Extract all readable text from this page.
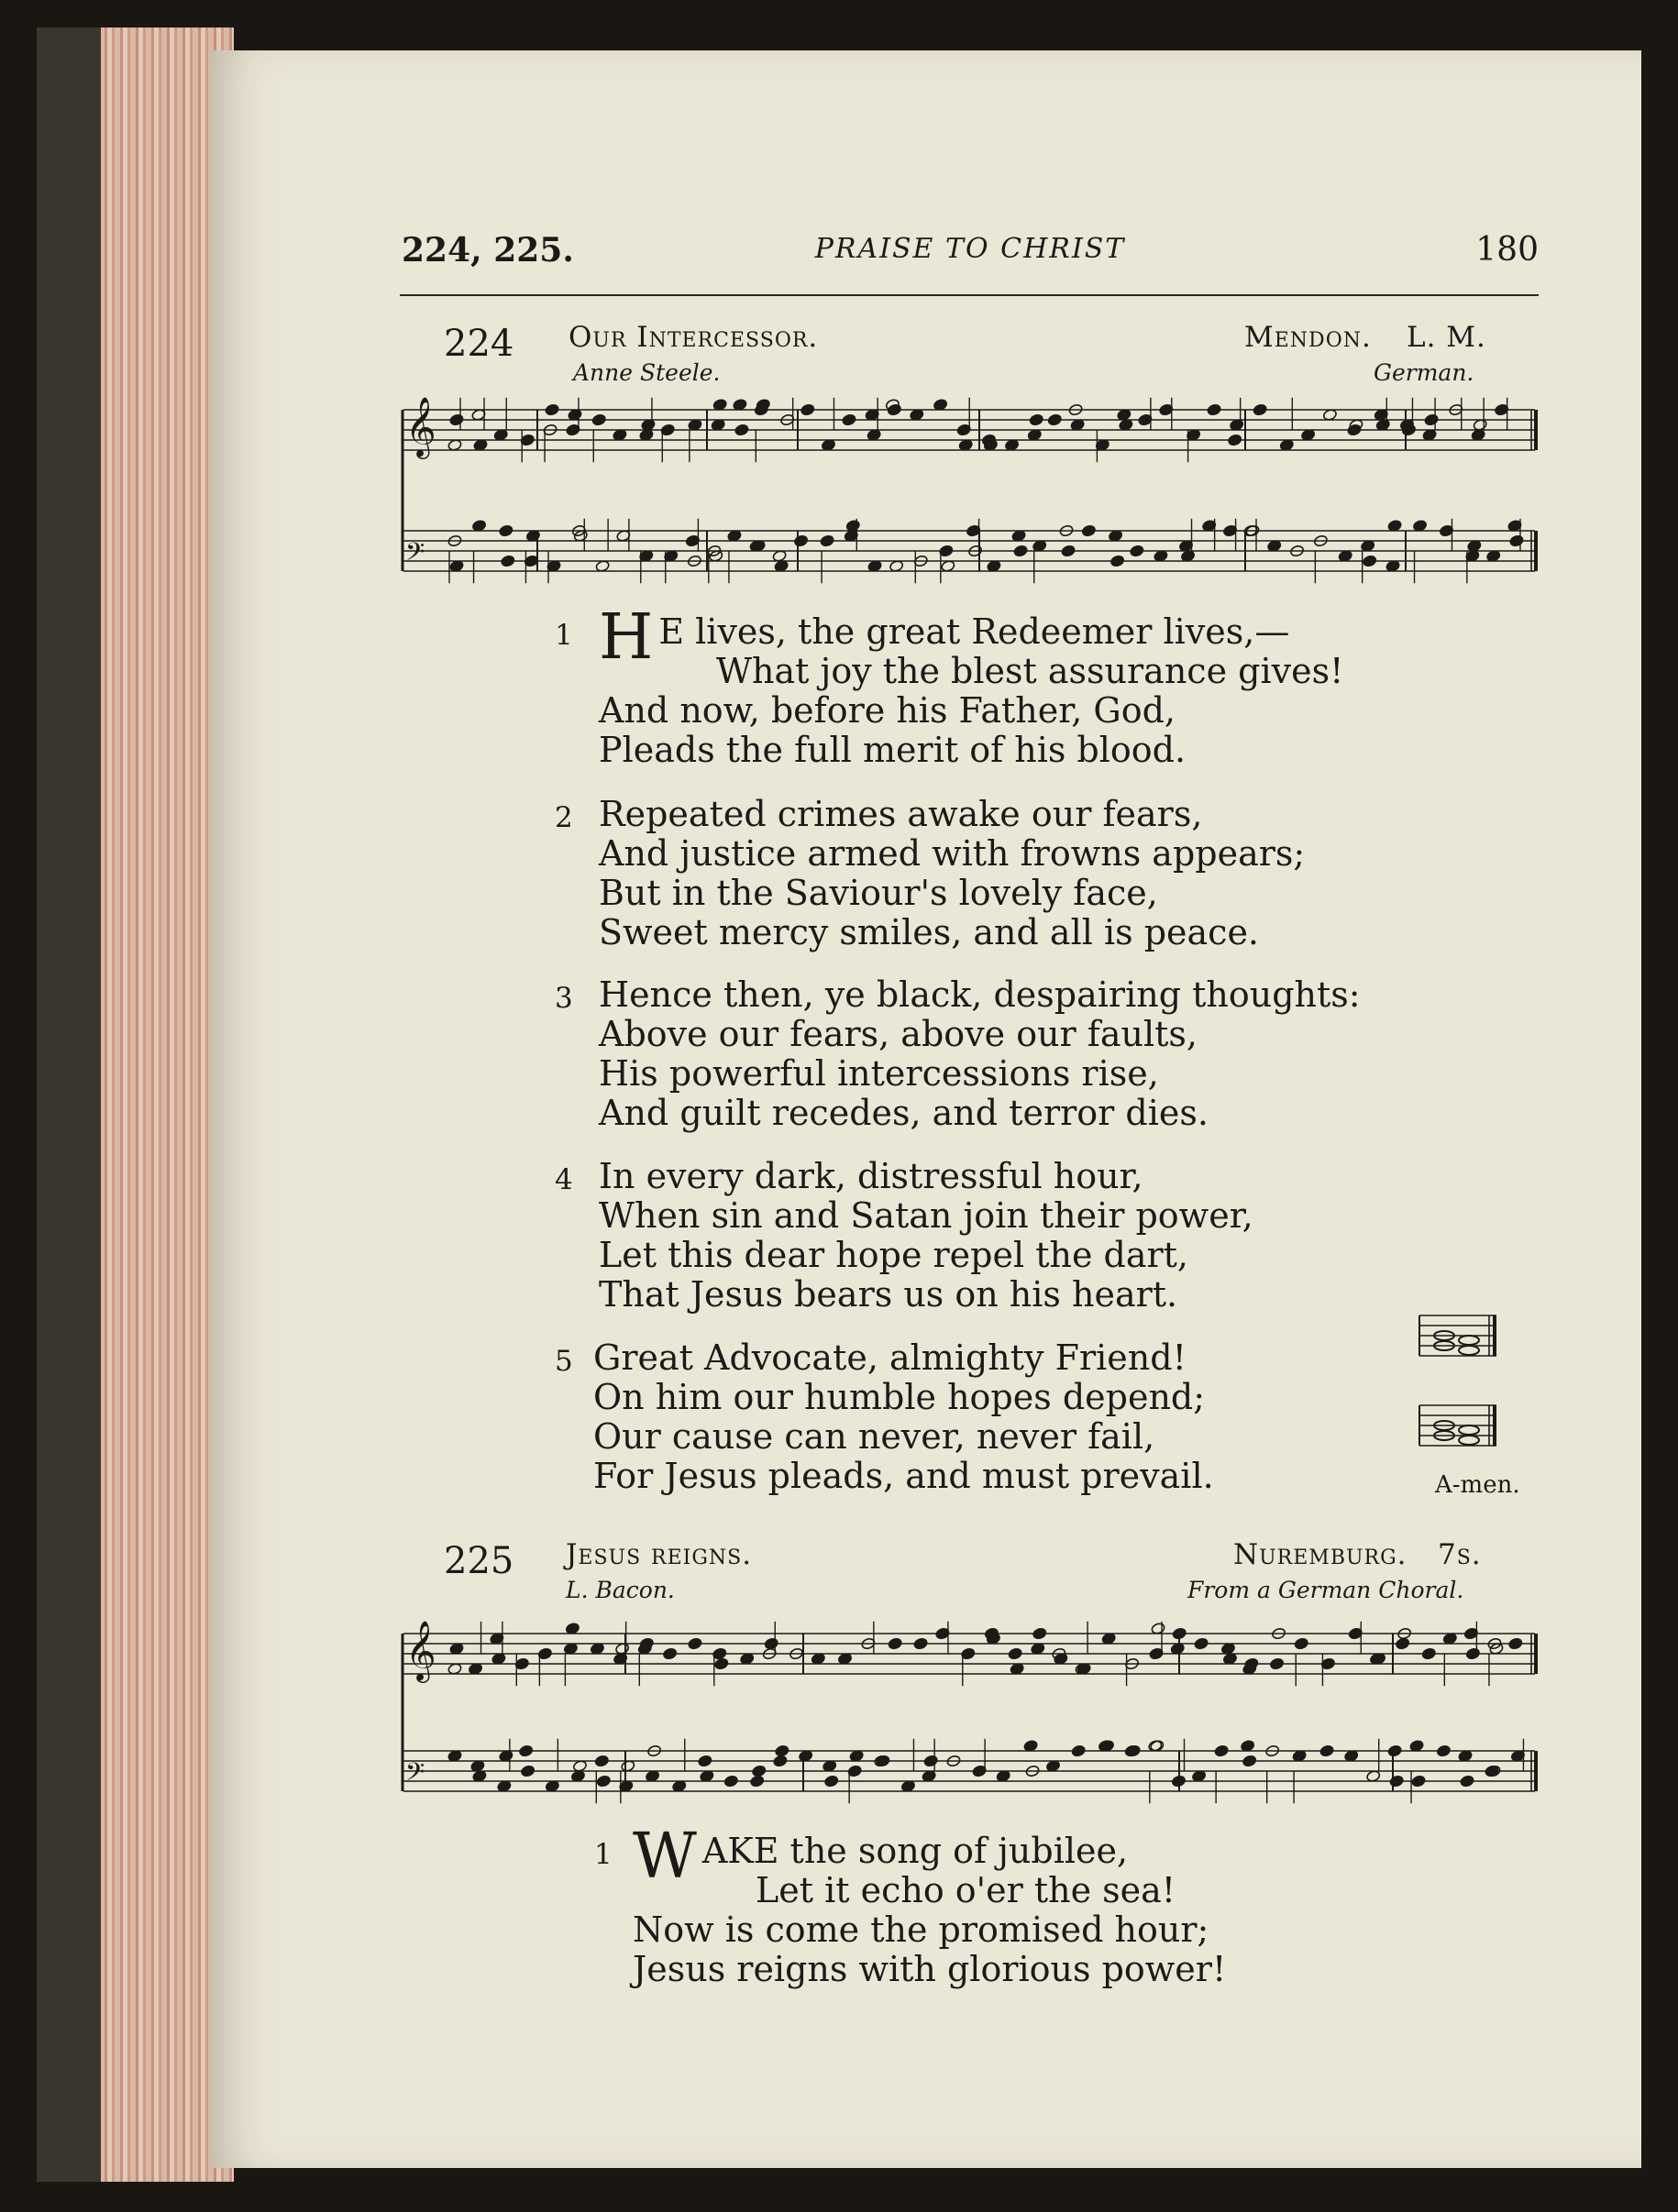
224, 225.	PRAISE TO CHRIST	180
224 Our Intercessor.	Mendon. L. M.
Anne Steele.	German.
𝄞
𝄢
1 H E lives, the great Redeemer lives,—
What joy the blest assurance gives!
And now, before his Father, God,
Pleads the full merit of his blood.
2 Repeated crimes awake our fears,
And justice armed with frowns appears;
But in the Saviour's lovely face,
Sweet mercy smiles, and all is peace.
3 Hence then, ye black, despairing thoughts:
Above our fears, above our faults,
His powerful intercessions rise,
And guilt recedes, and terror dies.
4 In every dark, distressful hour,
When sin and Satan join their power,
Let this dear hope repel the dart,
That Jesus bears us on his heart.
5 Great Advocate, almighty Friend!
On him our humble hopes depend;
Our cause can never, never fail,
For Jesus pleads, and must prevail.	A-men.
225 Jesus reigns.	Nuremburg. 7s.
L. Bacon.	From a German Choral.
𝄞
𝄢
1 WAKE the song of jubilee,
Let it echo o'er the sea!
Now is come the promised hour;
Jesus reigns with glorious power!
